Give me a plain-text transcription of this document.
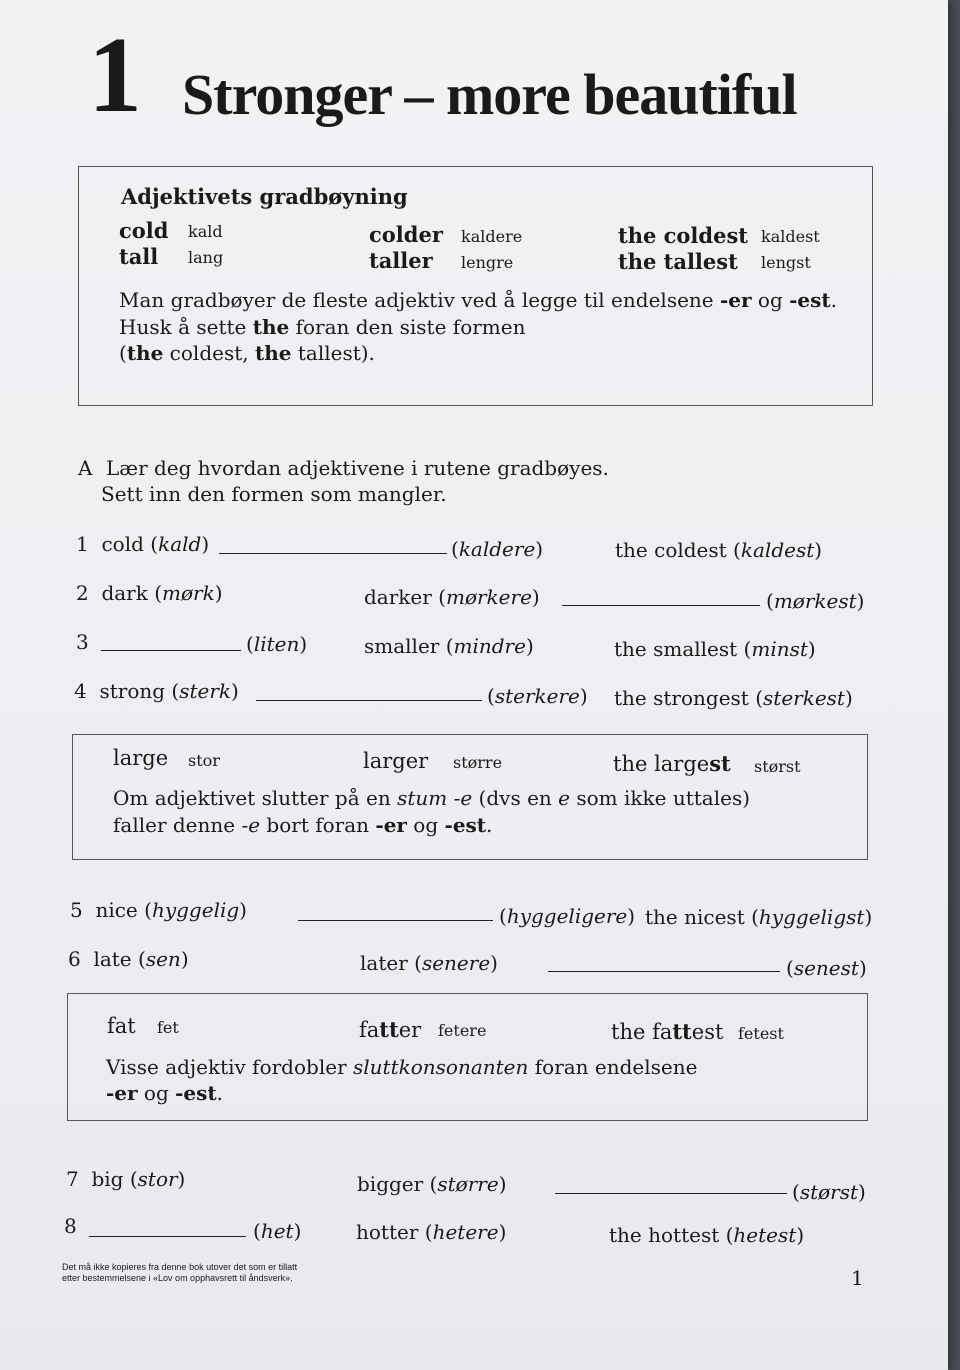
1 Stronger – more beautiful
Adjektivets gradbøyning
cold kald	colder kaldere	the coldest kaldest
tall lang	taller lengre	the tallest lengst
Man gradbøyer de fleste adjektiv ved å legge til endelsene -er og -est.
Husk å sette the foran den siste formen
(the coldest, the tallest).
A Lær deg hvordan adjektivene i rutene gradbøyes.
Sett inn den formen som mangler.
1 cold (kald)	(kaldere)	the coldest (kaldest)
2 dark (mørk)	darker (mørkere)	(mørkest)
3	(liten)	smaller (mindre)	the smallest (minst)
4 strong (sterk)	(sterkere) the strongest (sterkest)
large stor	larger større	the largest størst
Om adjektivet slutter på en stum -e (dvs en e som ikke uttales)
faller denne -e bort foran -er og -est.
5 nice (hyggelig)	(hyggeligere) the nicest (hyggeligst)
6 late (sen)	later (senere)	(senest)
fat fet	fatter fetere	the fattest fetest
Visse adjektiv fordobler sluttkonsonanten foran endelsene
-er og -est.
7 big (stor)	bigger (større)	(størst)
8	(het)	hotter (hetere)	the hottest (hetest)
Det må ikke kopieres fra denne bok utover det som er tillatt
etter bestemmelsene i «Lov om opphavsrett til åndsverk».	1
